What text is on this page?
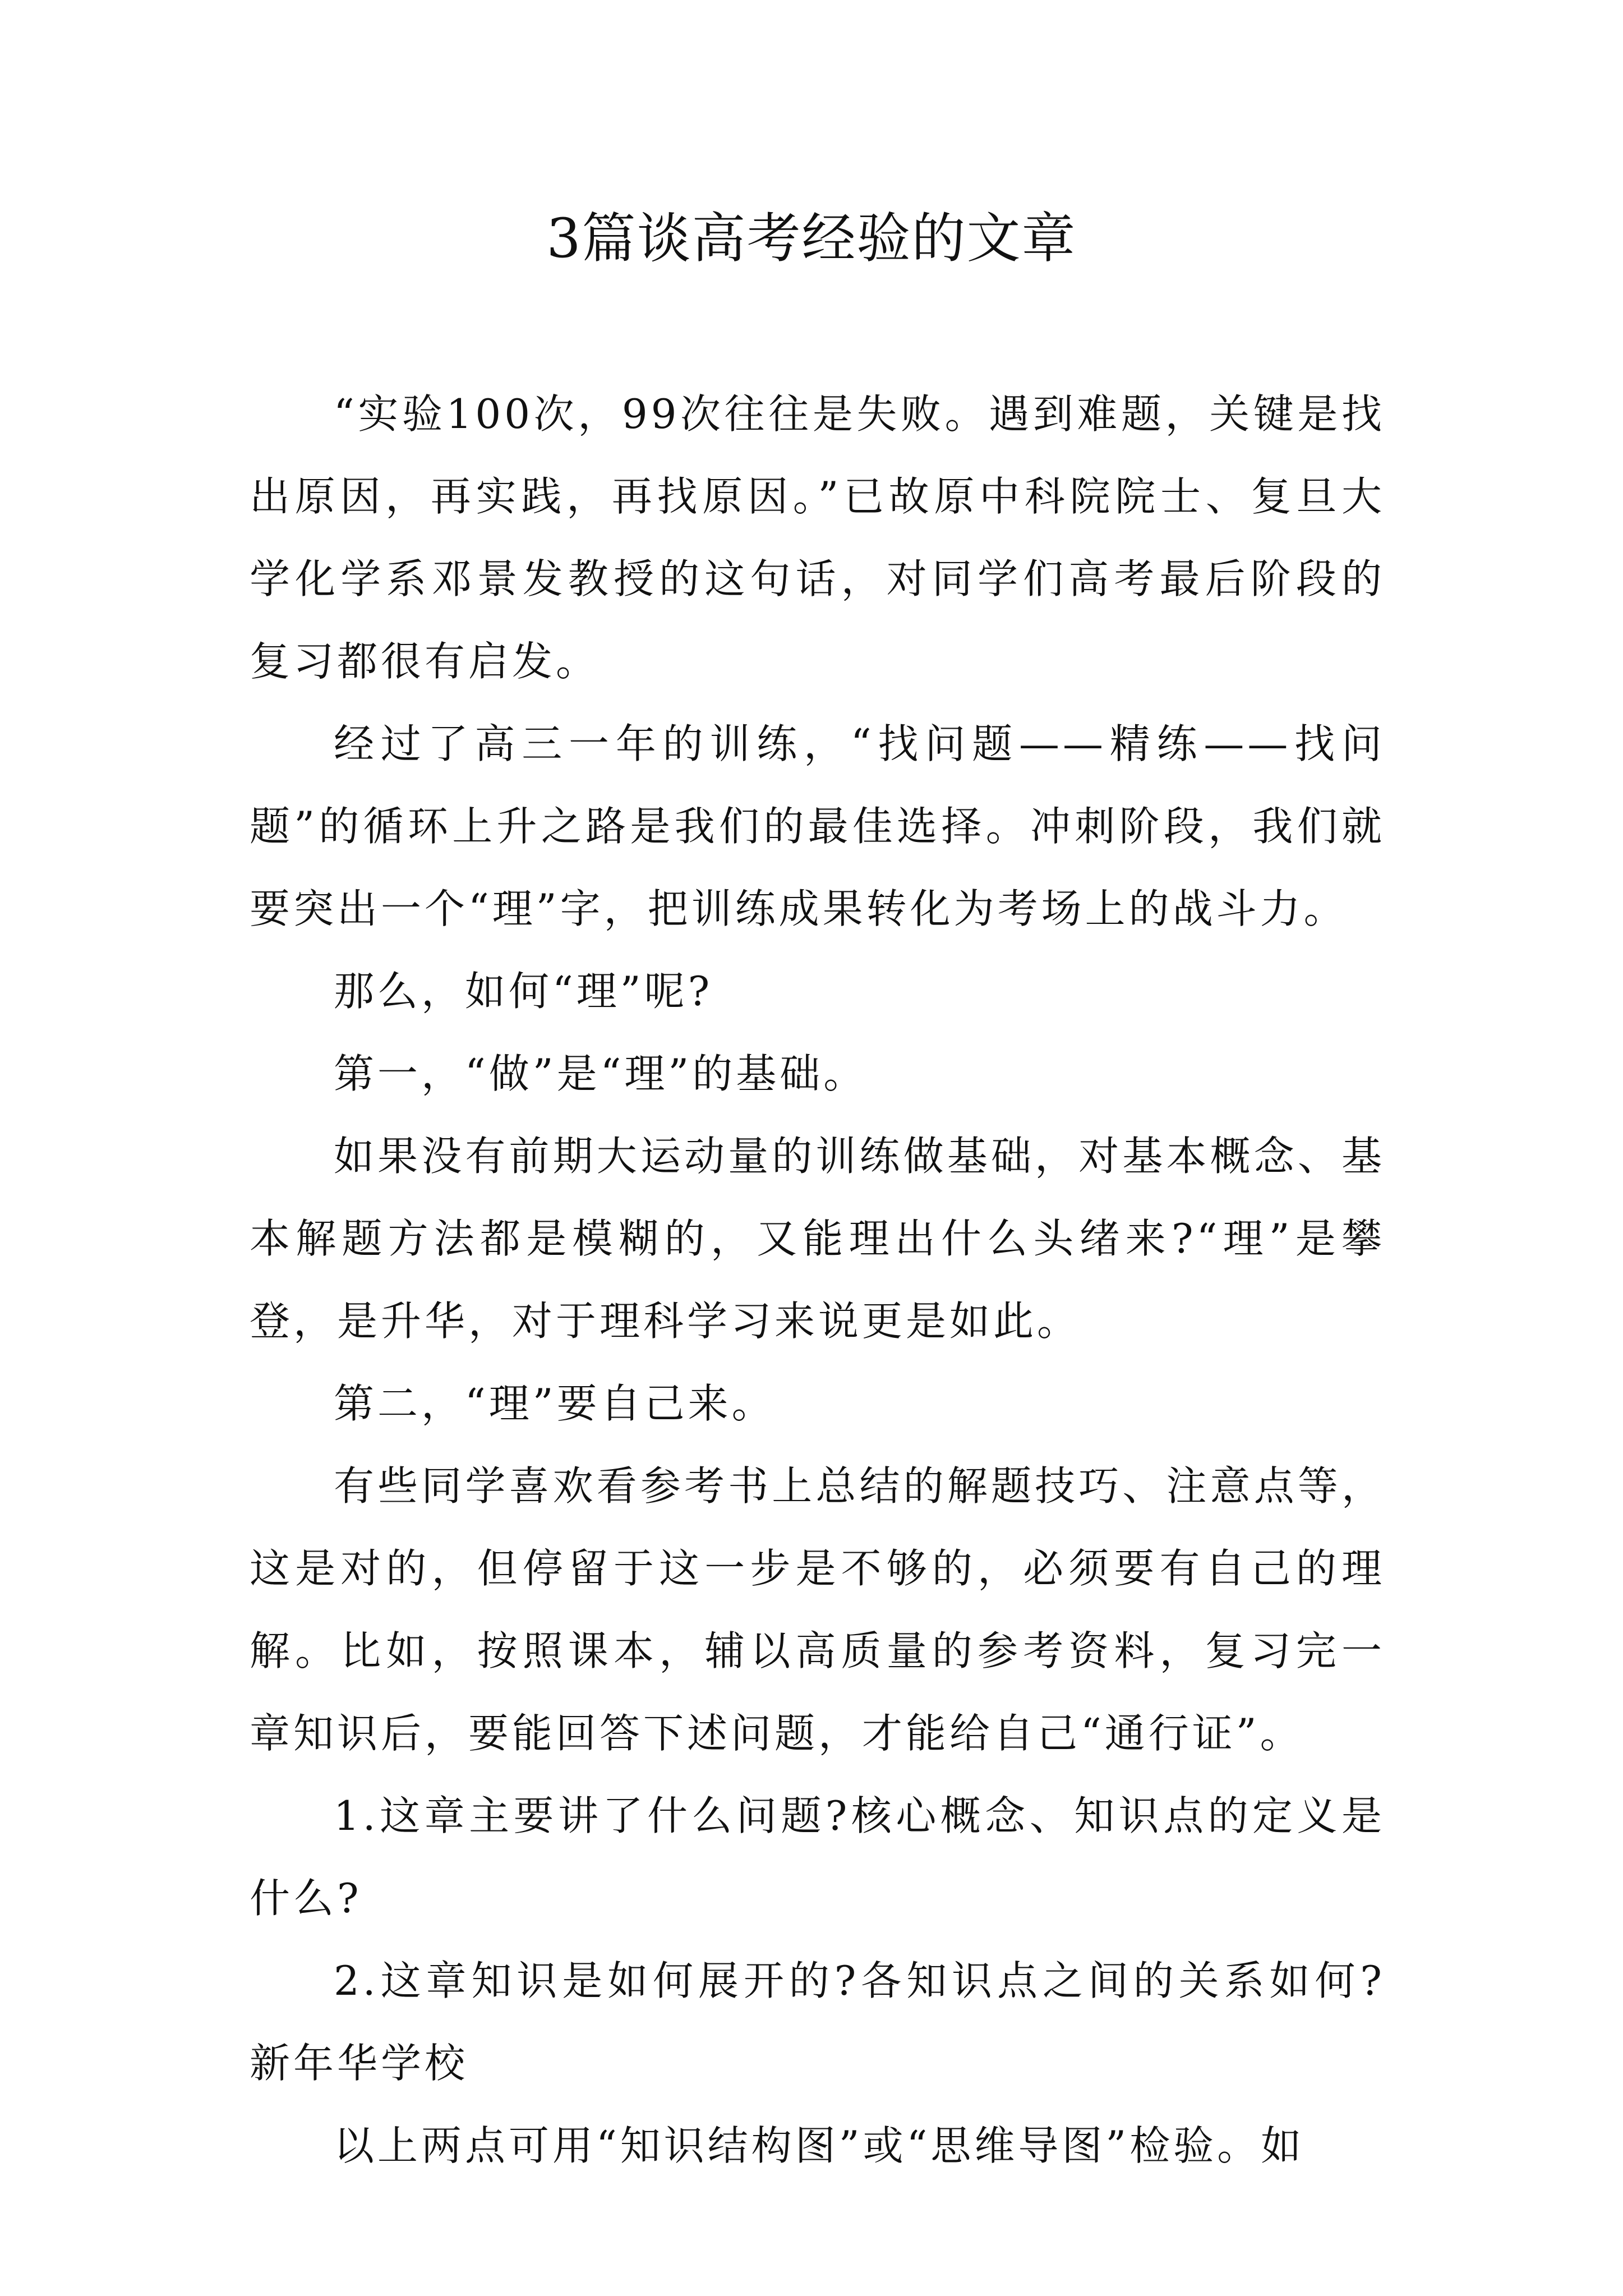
3篇谈高考经验的文章

“实验100次，99次往往是失败。遇到难题，关键是找出原因，再实践，再找原因。”已故原中科院院士、复旦大学化学系邓景发教授的这句话，对同学们高考最后阶段的复习都很有启发。

经过了高三一年的训练，“找问题——精练——找问题”的循环上升之路是我们的最佳选择。冲刺阶段，我们就要突出一个“理”字，把训练成果转化为考场上的战斗力。

那么，如何“理”呢?

第一，“做”是“理”的基础。

如果没有前期大运动量的训练做基础，对基本概念、基本解题方法都是模糊的，又能理出什么头绪来?“理”是攀登，是升华，对于理科学习来说更是如此。

第二，“理”要自己来。

有些同学喜欢看参考书上总结的解题技巧、注意点等，这是对的，但停留于这一步是不够的，必须要有自己的理解。比如，按照课本，辅以高质量的参考资料，复习完一章知识后，要能回答下述问题，才能给自己“通行证”。

1.这章主要讲了什么问题?核心概念、知识点的定义是什么?

2.这章知识是如何展开的?各知识点之间的关系如何?新年华学校

以上两点可用“知识结构图”或“思维导图”检验。如
